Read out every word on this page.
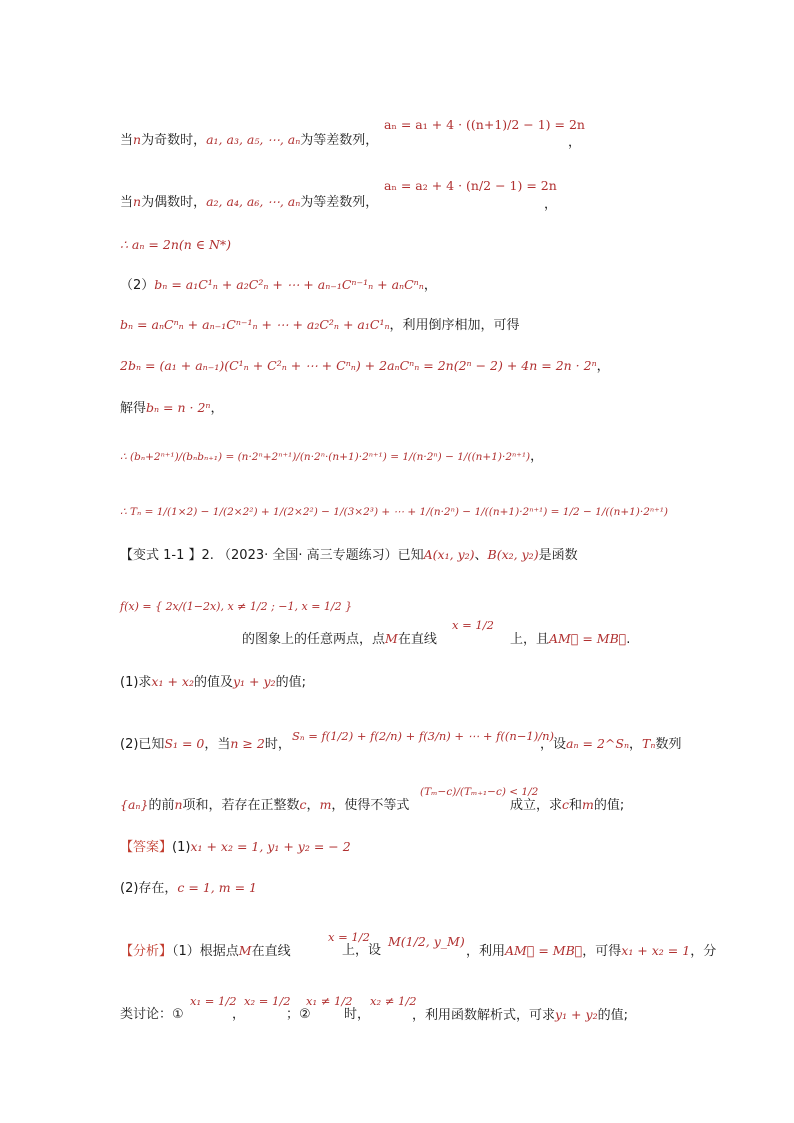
当n为奇数时，a₁, a₃, a₅, ⋯, aₙ为等差数列，
aₙ = a₁ + 4 · ((n+1)/2 − 1) = 2n
，
当n为偶数时，a₂, a₄, a₆, ⋯, aₙ为等差数列，
aₙ = a₂ + 4 · (n/2 − 1) = 2n
，
∴ aₙ = 2n(n ∈ N*)
（2）bₙ = a₁C¹ₙ + a₂C²ₙ + ⋯ + aₙ₋₁Cⁿ⁻¹ₙ + aₙCⁿₙ，
bₙ = aₙCⁿₙ + aₙ₋₁Cⁿ⁻¹ₙ + ⋯ + a₂C²ₙ + a₁C¹ₙ，利用倒序相加，可得
2bₙ = (a₁ + aₙ₋₁)(C¹ₙ + C²ₙ + ⋯ + Cⁿₙ) + 2aₙCⁿₙ = 2n(2ⁿ − 2) + 4n = 2n · 2ⁿ，
解得bₙ = n · 2ⁿ，
∴ (bₙ+2ⁿ⁺¹)/(bₙbₙ₊₁) = (n·2ⁿ+2ⁿ⁺¹)/(n·2ⁿ·(n+1)·2ⁿ⁺¹) = 1/(n·2ⁿ) − 1/((n+1)·2ⁿ⁺¹)，
∴ Tₙ = 1/(1×2) − 1/(2×2²) + 1/(2×2²) − 1/(3×2³) + ⋯ + 1/(n·2ⁿ) − 1/((n+1)·2ⁿ⁺¹) = 1/2 − 1/((n+1)·2ⁿ⁺¹)
【变式 1-1 】2. （2023· 全国· 高三专题练习）已知A(x₁, y₂)、B(x₂, y₂)是函数
f(x) = { 2x/(1−2x), x ≠ 1/2 ; −1, x = 1/2 }
的图象上的任意两点，点M在直线
x = 1/2
上，且AM⃗ = MB⃗.
(1)求x₁ + x₂的值及y₁ + y₂的值;
(2)已知S₁ = 0，当n ≥ 2时，
Sₙ = f(1/2) + f(2/n) + f(3/n) + ⋯ + f((n−1)/n)
，设aₙ = 2^Sₙ，Tₙ数列
{aₙ}的前n项和，若存在正整数c，m，使得不等式
(Tₘ−c)/(Tₘ₊₁−c) < 1/2
成立，求c和m的值;
【答案】(1)x₁ + x₂ = 1, y₁ + y₂ = − 2
(2)存在，c = 1, m = 1
【分析】（1）根据点M在直线
x = 1/2
上，设
M(1/2, y_M)
，利用AM⃗ = MB⃗，可得x₁ + x₂ = 1，分
类讨论：①
x₁ = 1/2
，
x₂ = 1/2
；②
x₁ ≠ 1/2
时，
x₂ ≠ 1/2
，利用函数解析式，可求y₁ + y₂的值;
